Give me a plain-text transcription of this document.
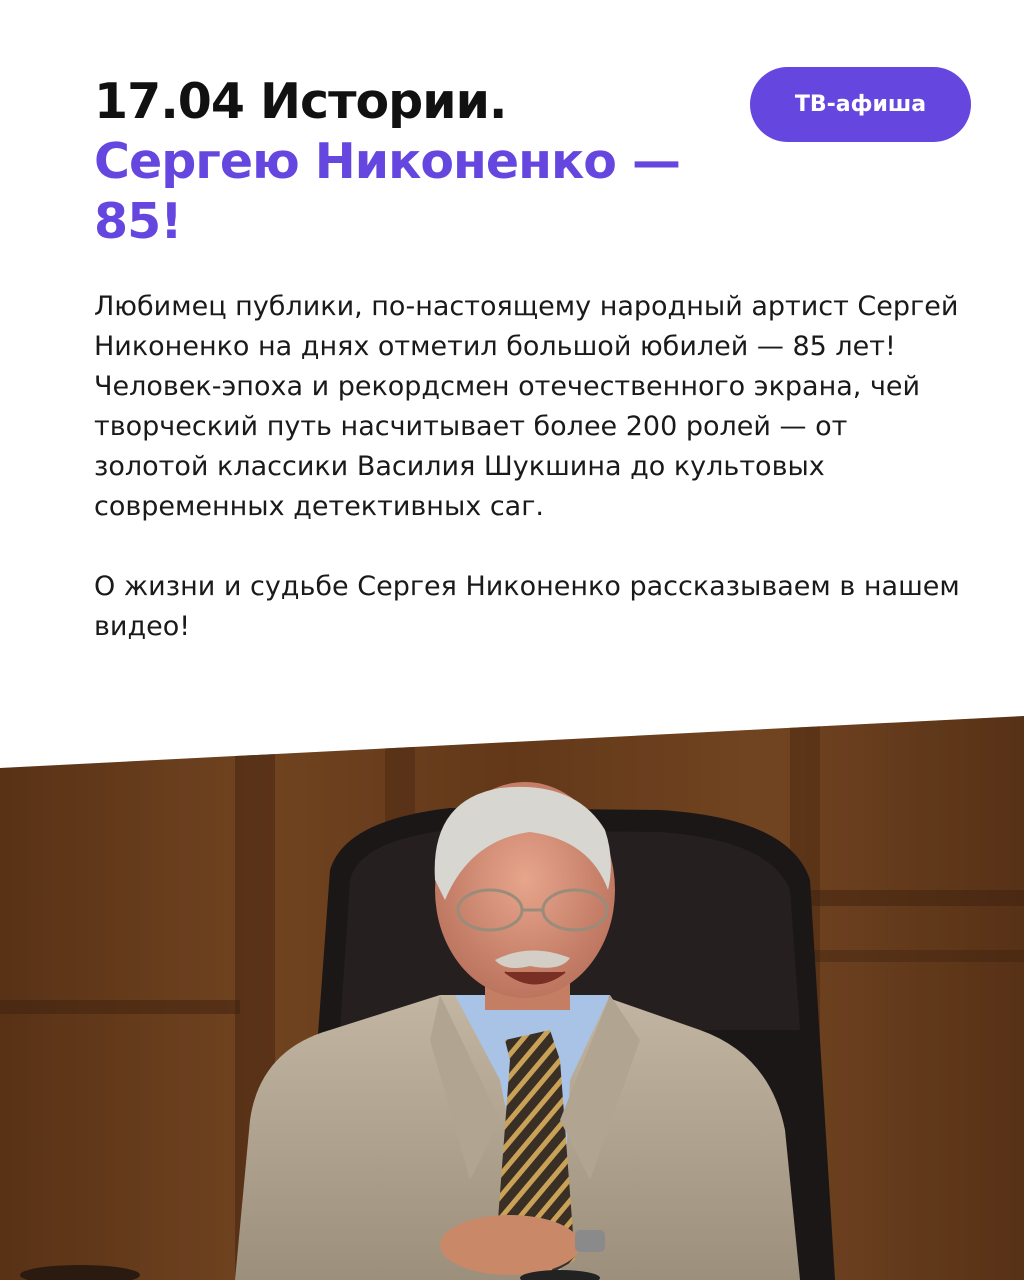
17.04 Истории.
Сергею Никоненко — 85!
ТВ-афиша

Любимец публики, по-настоящему народный артист Сергей Никоненко на днях отметил большой юбилей — 85 лет! Человек-эпоха и рекордсмен отечественного экрана, чей творческий путь насчитывает более 200 ролей — от золотой классики Василия Шукшина до культовых современных детективных саг.

О жизни и судьбе Сергея Никоненко рассказываем в нашем видео!
